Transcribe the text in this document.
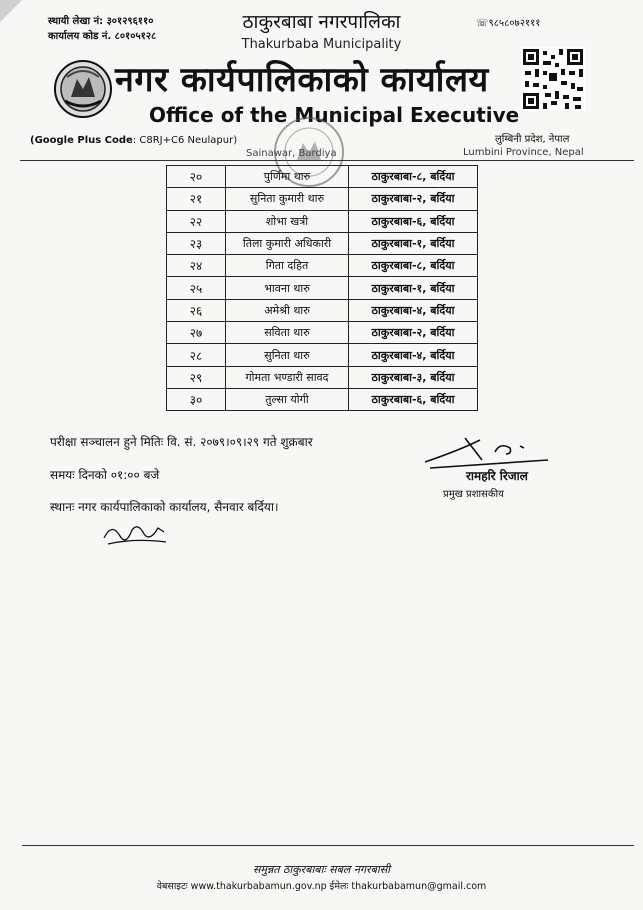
स्थायी लेखा नं: ३०१२९६११०
कार्यालय कोड नं. ८०१०५१२८
ठाकुरबाबा नगरपालिका
Thakurbaba Municipality
☏९८५८०७२१११
नगर कार्यपालिकाको कार्यालय
Office of the Municipal Executive
(Google Plus Code: C8RJ+C6 Neulapur)
Sainawar, Bardiya
लुम्बिनी प्रदेश, नेपाल
Lumbini Province, Nepal
२०	पुर्णिमा थारु	ठाकुरबाबा-८, बर्दिया
२१	सुनिता कुमारी थारु	ठाकुरबाबा-२, बर्दिया
२२	शोभा खत्री	ठाकुरबाबा-६, बर्दिया
२३	तिला कुमारी अधिकारी	ठाकुरबाबा-१, बर्दिया
२४	गिता दहित	ठाकुरबाबा-८, बर्दिया
२५	भावना थारु	ठाकुरबाबा-१, बर्दिया
२६	अमेश्री थारु	ठाकुरबाबा-४, बर्दिया
२७	सविता थारु	ठाकुरबाबा-२, बर्दिया
२८	सुनिता थारु	ठाकुरबाबा-४, बर्दिया
२९	गोमता भण्डारी सावद	ठाकुरबाबा-३, बर्दिया
३०	तुल्सा योगी	ठाकुरबाबा-६, बर्दिया
परीक्षा सञ्चालन हुने मितिः वि. सं. २०७९।०९।२९ गते शुक्रबार
समयः दिनको ०१:०० बजे
स्थानः नगर कार्यपालिकाको कार्यालय, सैनवार बर्दिया।
रामहरि रिजाल
प्रमुख प्रशासकीय
समुन्नत ठाकुरबाबाः सबल नगरबासी
वेबसाइटः www.thakurbabamun.gov.np ईमेलः thakurbabamun@gmail.com
